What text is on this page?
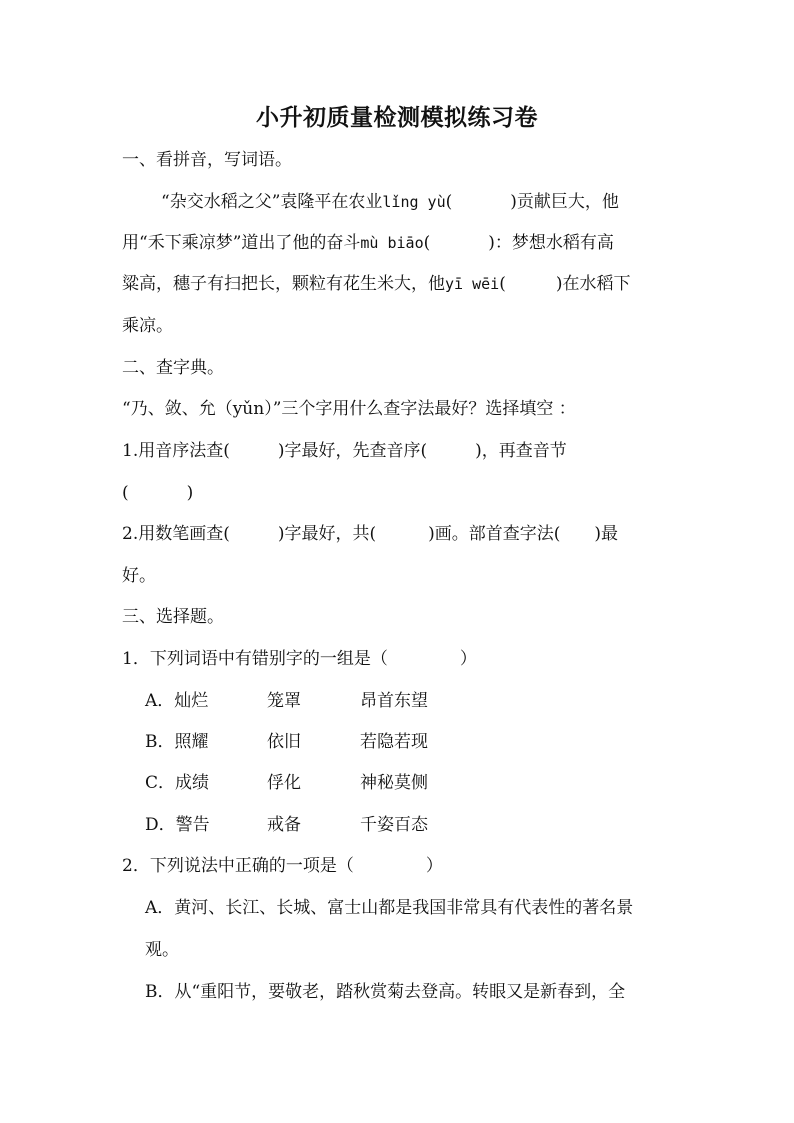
小升初质量检测模拟练习卷
一、看拼音，写词语。
“杂交水稻之父”袁隆平在农业lǐng yù(	)贡献巨大，他
用“禾下乘凉梦”道出了他的奋斗mù biāo(	)：梦想水稻有高
粱高，穗子有扫把长，颗粒有花生米大，他yī wēi(	)在水稻下
乘凉。
二、查字典。
“乃、敛、允（yǔn）”三个字用什么查字法最好？选择填空 ：
1.用音序法查(	)字最好，先查音序(	)，再查音节
(	)
2.用数笔画查(	)字最好，共(	)画。部首查字法( )最
好。
三、选择题。
1．下列词语中有错别字的一组是（	）
A．灿烂	笼罩	昂首东望
B．照耀	依旧	若隐若现
C．成绩	俘化	神秘莫侧
D．警告	戒备	千姿百态
2．下列说法中正确的一项是（	）
A．黄河、长江、长城、富士山都是我国非常具有代表性的著名景
观。
B．从“重阳节，要敬老，踏秋赏菊去登高。转眼又是新春到，全
